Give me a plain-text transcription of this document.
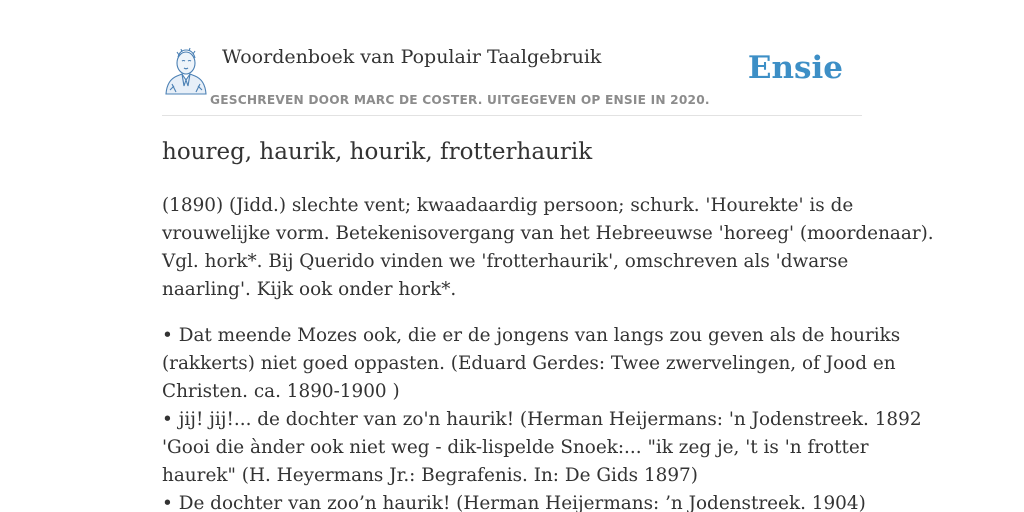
Woordenboek van Populair Taalgebruik
GESCHREVEN DOOR MARC DE COSTER. UITGEGEVEN OP ENSIE IN 2020.
Ensie
houreg, haurik, hourik, frotterhaurik

(1890) (Jidd.) slechte vent; kwaadaardig persoon; schurk. 'Hourekte' is de
vrouwelijke vorm. Betekenisovergang van het Hebreeuwse 'horeeg' (moordenaar).
Vgl. hork*. Bij Querido vinden we 'frotterhaurik', omschreven als 'dwarse
naarling'. Kijk ook onder hork*.

• Dat meende Mozes ook, die er de jongens van langs zou geven als de houriks
(rakkerts) niet goed oppasten. (Eduard Gerdes: Twee zwervelingen, of Jood en
Christen. ca. 1890-1900 )
• jij! jij!... de dochter van zo'n haurik! (Herman Heijermans: 'n Jodenstreek. 1892
'Gooi die ànder ook niet weg - dik-lispelde Snoek:... "ik zeg je, 't is 'n frotter
haurek" (H. Heyermans Jr.: Begrafenis. In: De Gids 1897)
• De dochter van zoo’n haurik! (Herman Heijermans: ’n Jodenstreek. 1904)
